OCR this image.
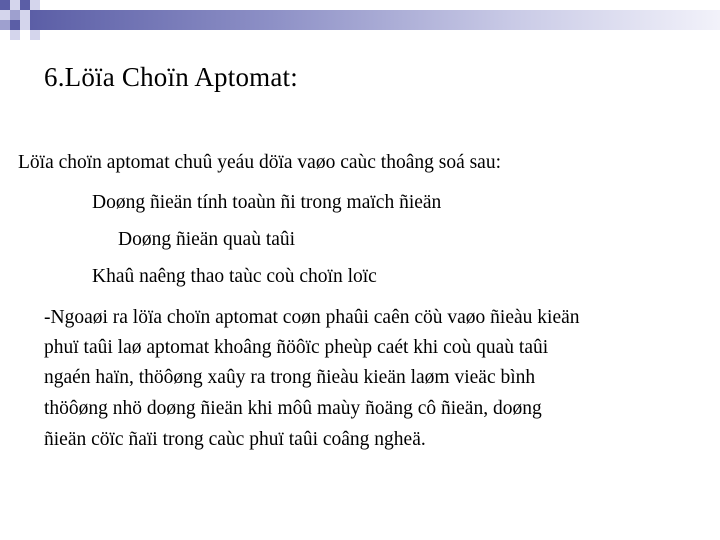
6.Löïa Choïn Aptomat:
Löïa choïn aptomat chuû yeáu döïa vaøo caùc thoâng soá sau:
Doøng ñieän tính toaùn ñi trong maïch ñieän
Doøng ñieän quaù taûi
Khaû naêng thao taùc coù choïn loïc
-Ngoaøi ra löïa choïn aptomat coøn phaûi caên cöù vaøo ñieàu kieän
phuï taûi laø aptomat khoâng ñöôïc pheùp caét khi coù quaù taûi
ngaén haïn, thöôøng xaûy ra trong ñieàu kieän laøm vieäc bình
thöôøng nhö doøng ñieän khi môû maùy ñoäng cô ñieän, doøng
ñieän cöïc ñaïi trong caùc phuï taûi coâng ngheä.
